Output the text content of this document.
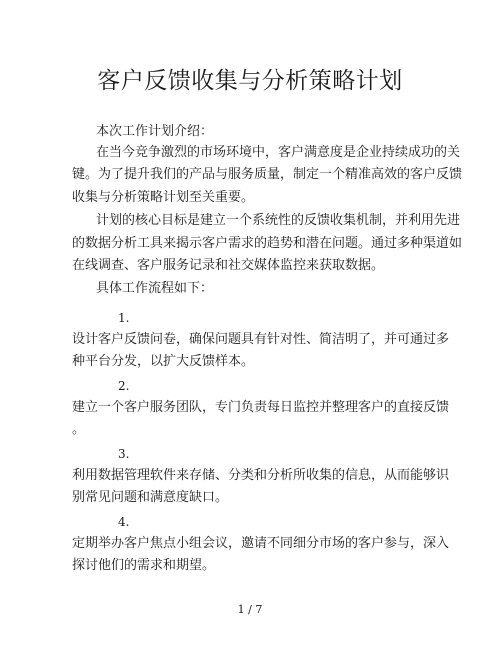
客户反馈收集与分析策略计划
本次工作计划介绍：
在当今竞争激烈的市场环境中，客户满意度是企业持续成功的关
键。为了提升我们的产品与服务质量，制定一个精准高效的客户反馈
收集与分析策略计划至关重要。
计划的核心目标是建立一个系统性的反馈收集机制，并利用先进
的数据分析工具来揭示客户需求的趋势和潜在问题。通过多种渠道如
在线调查、客户服务记录和社交媒体监控来获取数据。
具体工作流程如下：
1.
设计客户反馈问卷，确保问题具有针对性、简洁明了，并可通过多
种平台分发，以扩大反馈样本。
2.
建立一个客户服务团队，专门负责每日监控并整理客户的直接反馈
。
3.
利用数据管理软件来存储、分类和分析所收集的信息，从而能够识
别常见问题和满意度缺口。
4.
定期举办客户焦点小组会议，邀请不同细分市场的客户参与，深入
探讨他们的需求和期望。
1 / 7
